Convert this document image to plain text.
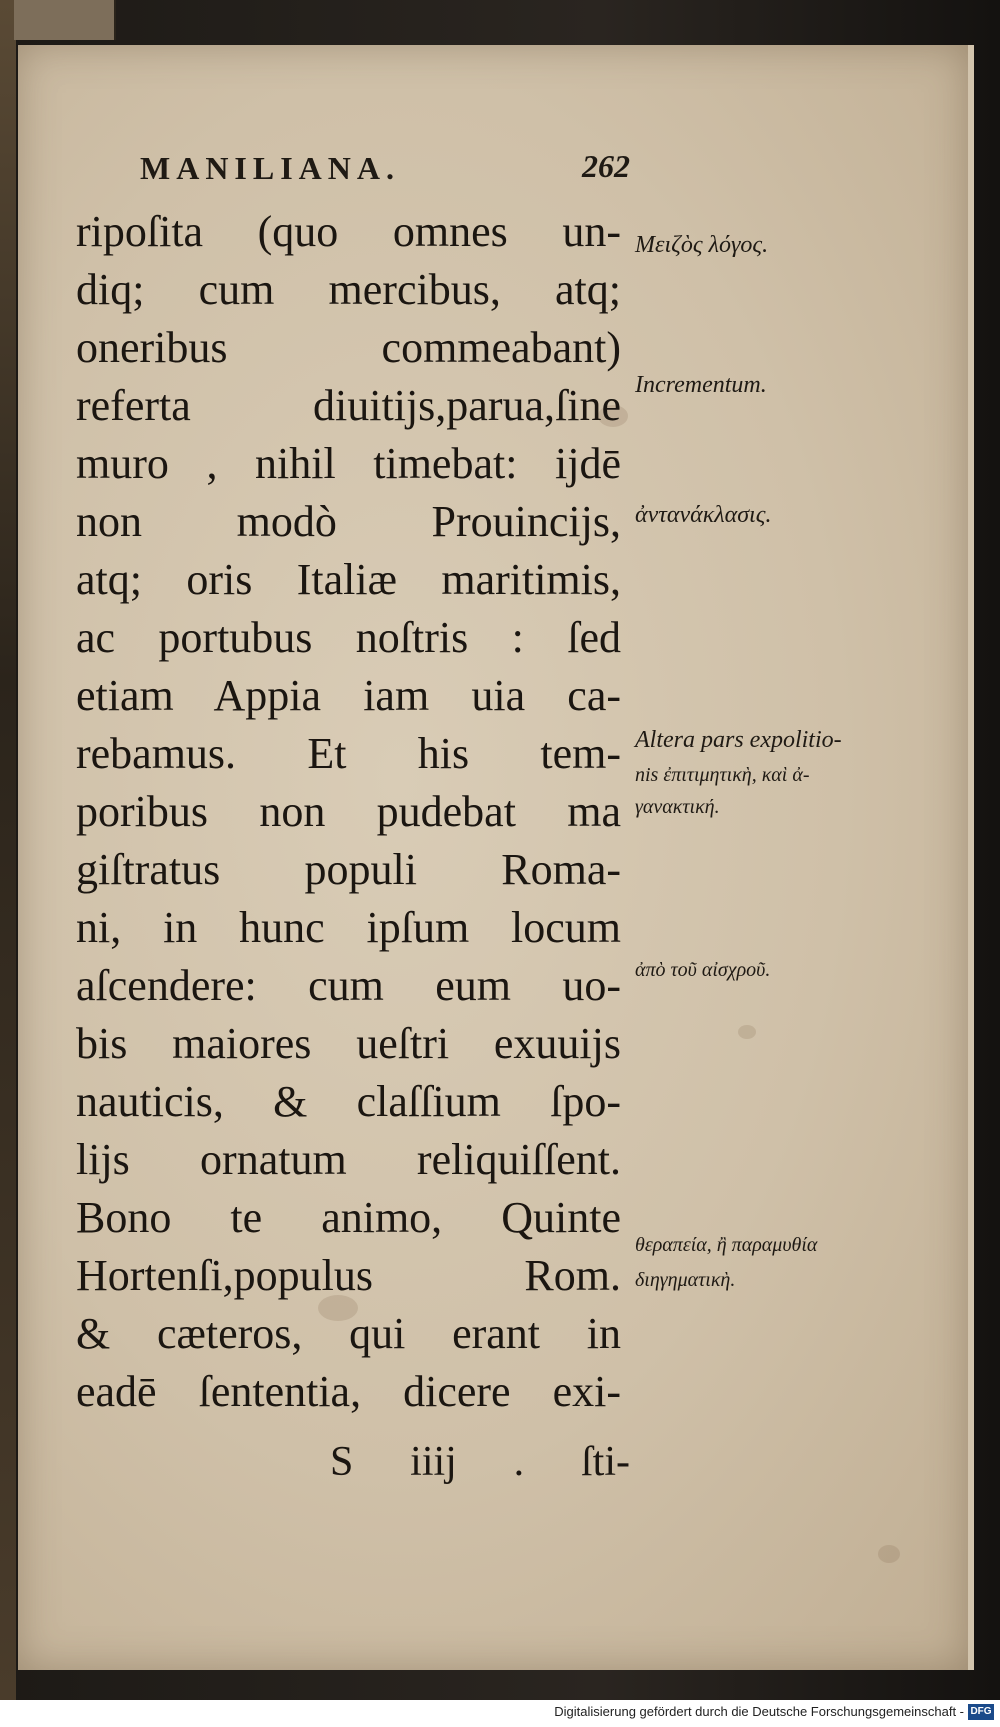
MANILIANA.	262
ripoſita (quo omnes un-
diq; cum mercibus, atq;
oneribus commeabant)
referta diuitijs,parua,ſine
muro , nihil timebat: ijdē
non modò Prouincijs,
atq; oris Italiæ maritimis,
ac portubus noſtris : ſed
etiam Appia iam uia ca-
rebamus. Et his tem-
poribus non pudebat ma
giſtratus populi Roma-
ni, in hunc ipſum locum
aſcendere: cum eum uo-
bis maiores ueſtri exuuijs
nauticis, & claſſium ſpo-
lijs ornatum reliquiſſent.
Bono te animo, Quinte
Hortenſi,populus Rom.
& cæteros, qui erant in
eadē ſententia, dicere exi-
S iiij . ſti-
Μειζὸς λόγος.
Incrementum.
ἀντανάκλασις.
Altera pars expolitio-
nis ἐπιτιμητικὴ, καὶ ἀ-
γανακτική.
ἀπὸ τοῦ αἰσχροῦ.
θεραπεία, ἢ παραμυθία
διηγηματικὴ.
Digitalisierung gefördert durch die Deutsche Forschungsgemeinschaft - DFG
